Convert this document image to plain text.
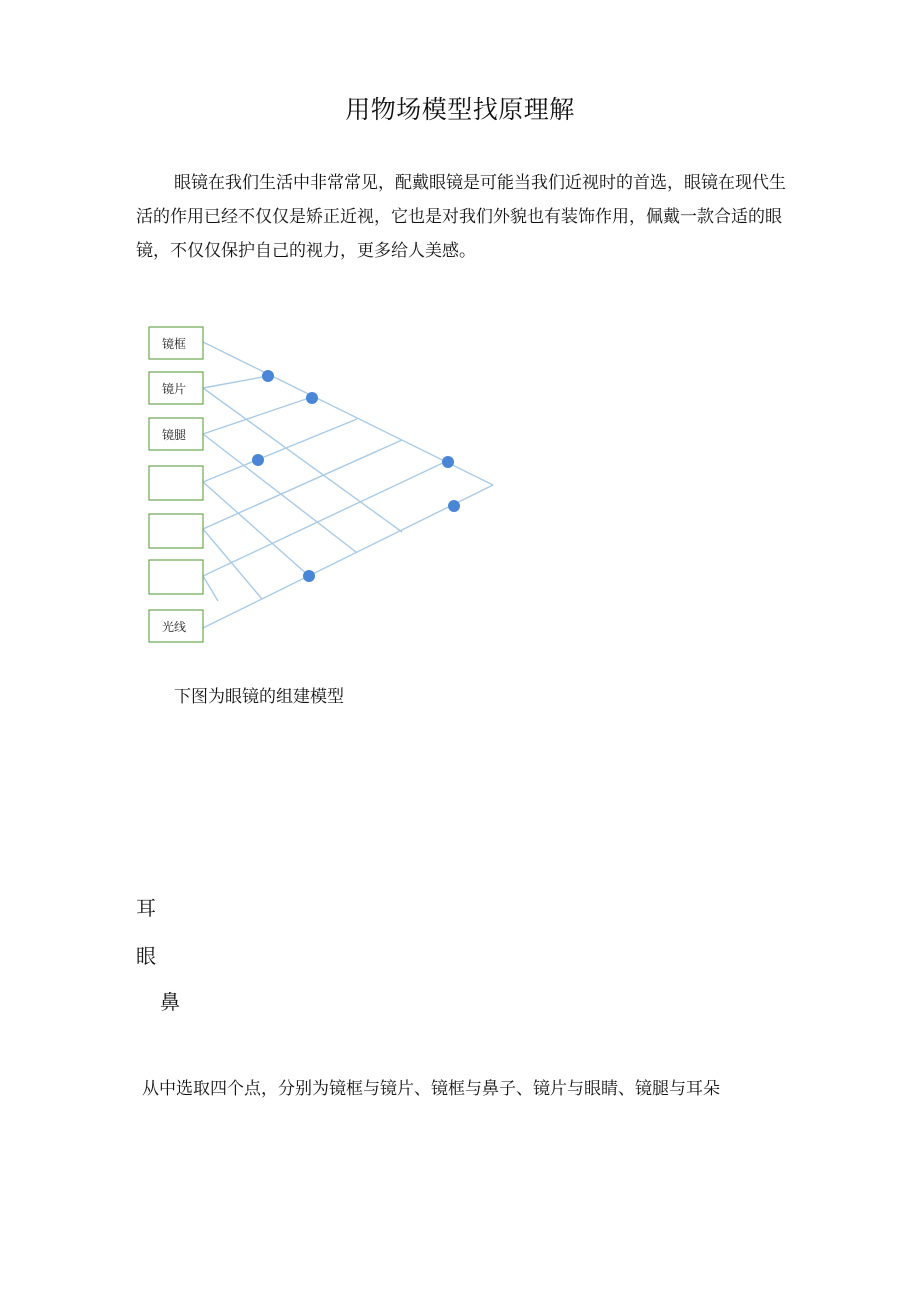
用物场模型找原理解

眼镜在我们生活中非常常见，配戴眼镜是可能当我们近视时的首选，眼镜在现代生活的作用已经不仅仅是矫正近视，它也是对我们外貌也有装饰作用，佩戴一款合适的眼镜，不仅仅保护自己的视力，更多给人美感。

镜框
镜片
镜腿
光线
下图为眼镜的组建模型
耳
眼
鼻
从中选取四个点，分别为镜框与镜片、镜框与鼻子、镜片与眼睛、镜腿与耳朵
